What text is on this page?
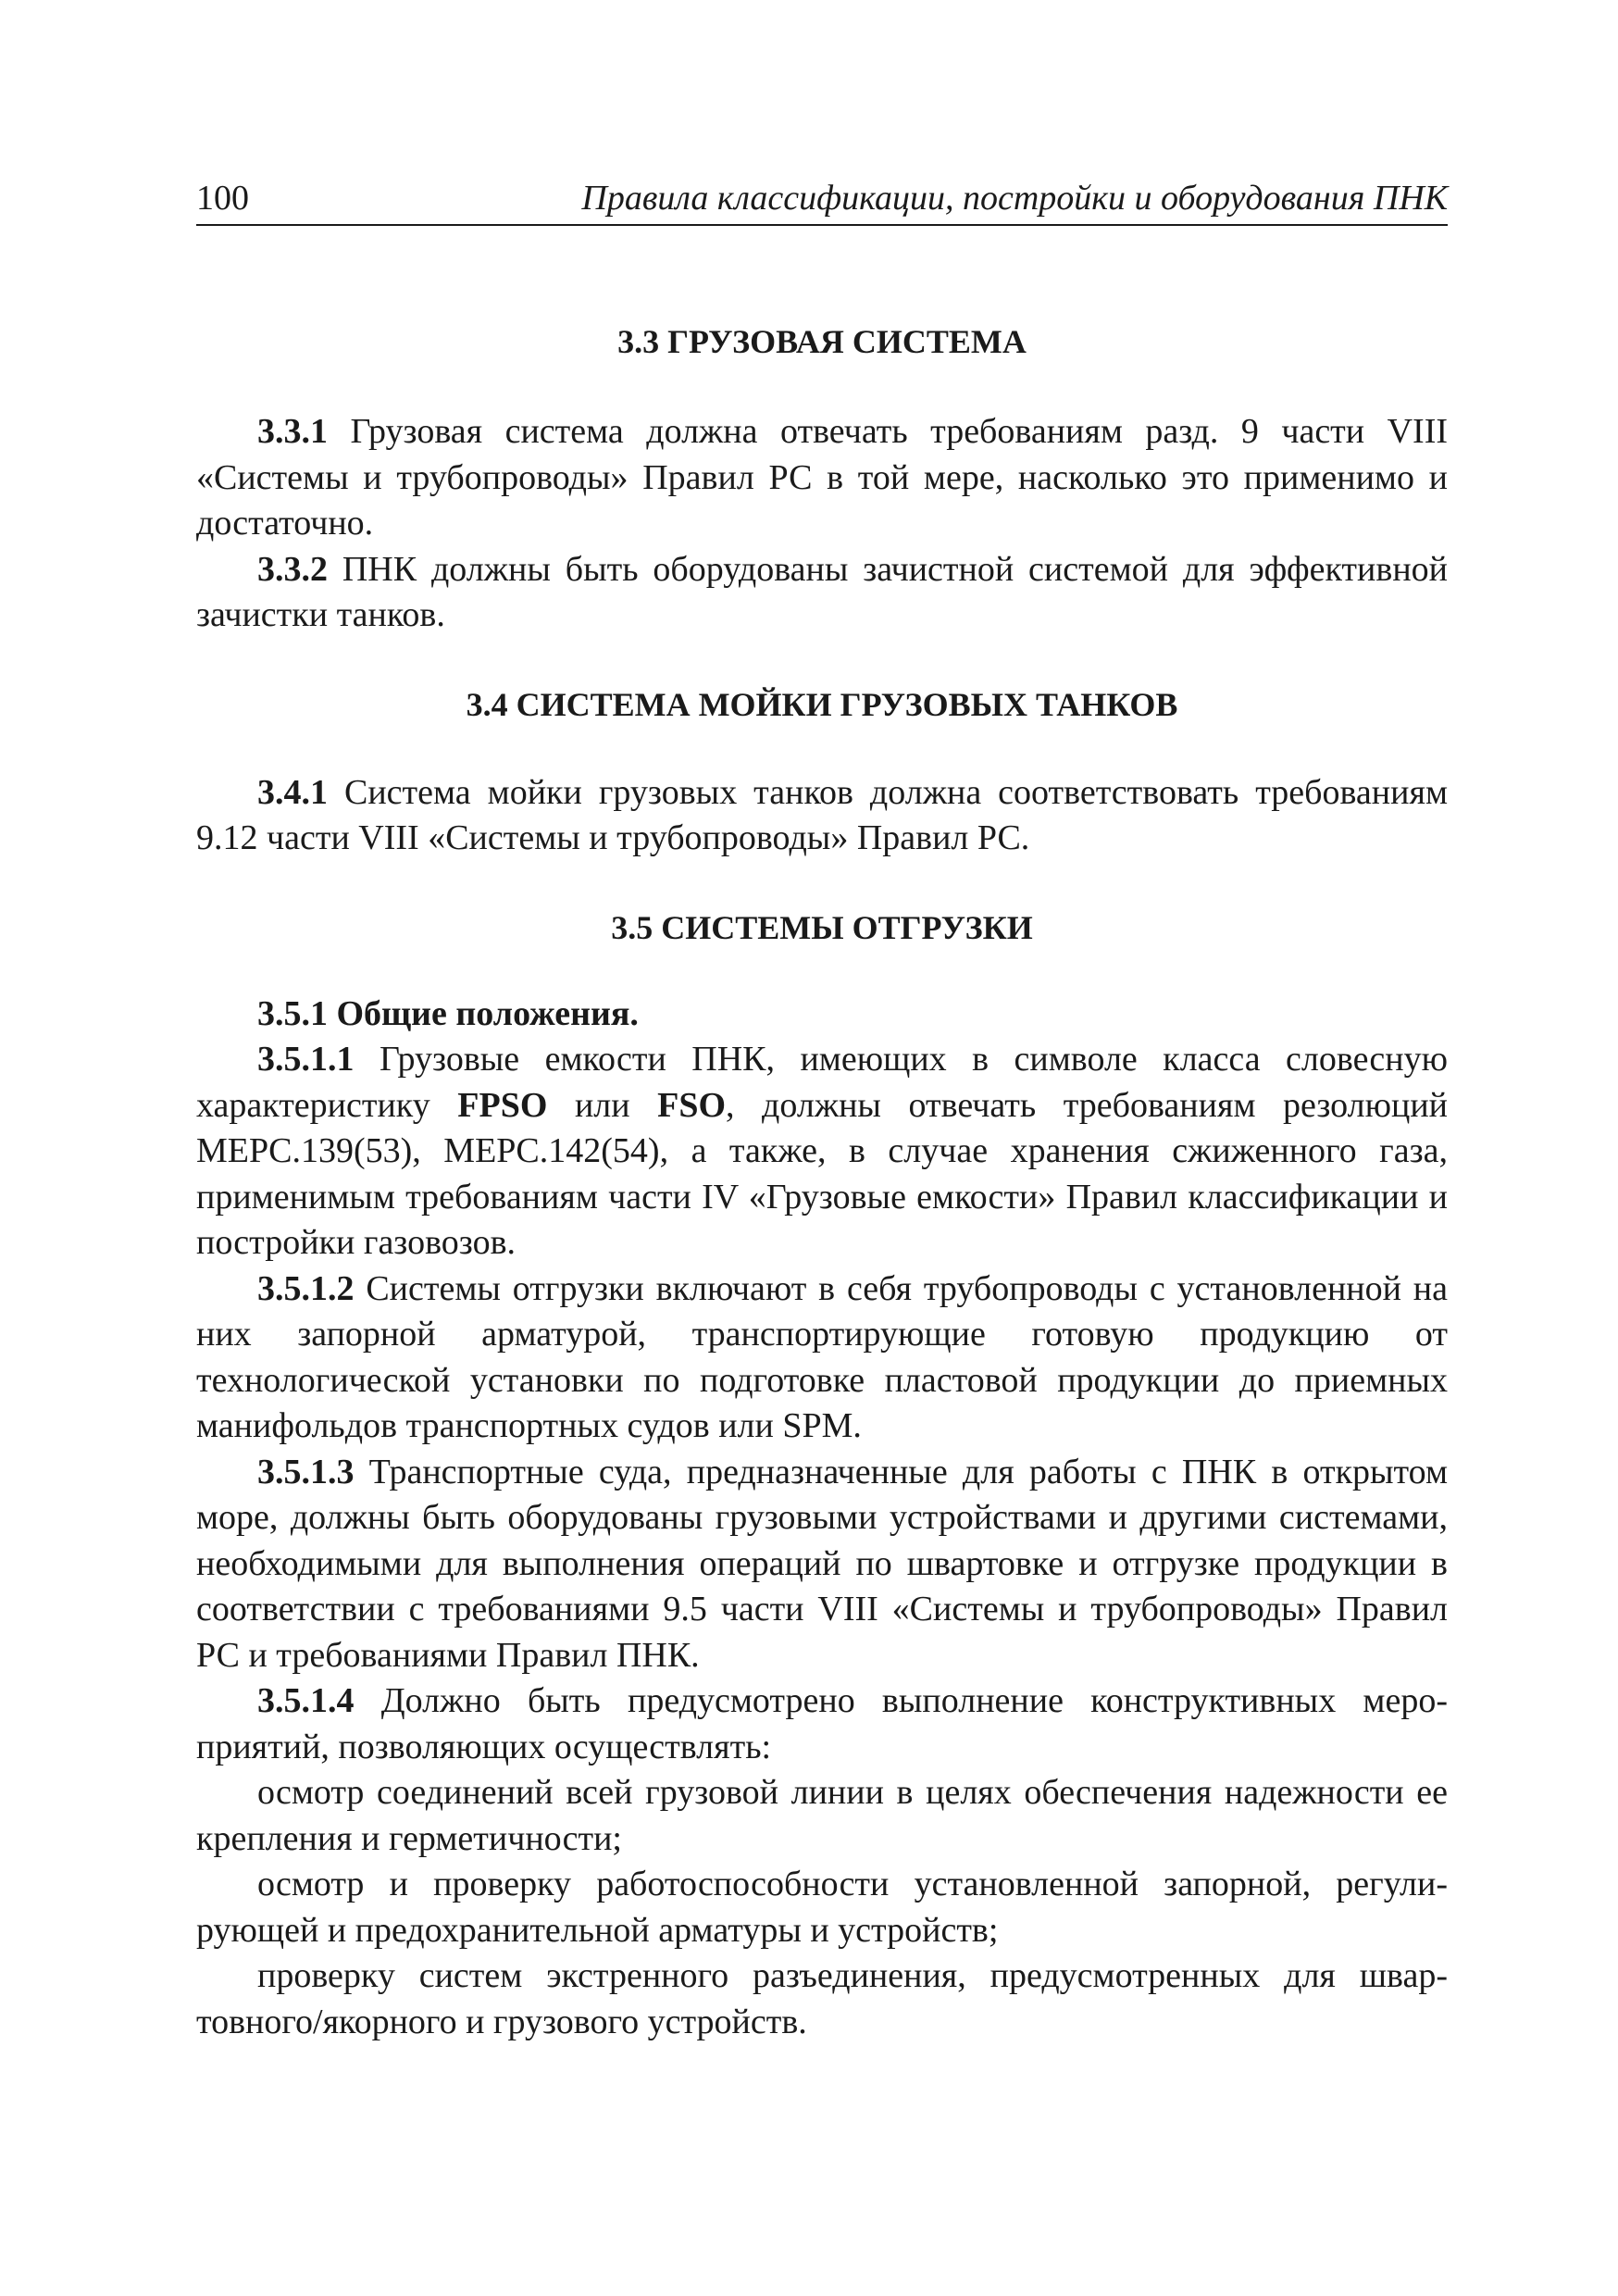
100	Правила классификации, постройки и оборудования ПНК
3.3 ГРУЗОВАЯ СИСТЕМА

3.3.1 Грузовая система должна отвечать требованиям разд. 9 части VIII «Системы и трубопроводы» Правил РС в той мере, насколько это применимо и достаточно.

3.3.2 ПНК должны быть оборудованы зачистной системой для эффективной зачистки танков.

3.4 СИСТЕМА МОЙКИ ГРУЗОВЫХ ТАНКОВ

3.4.1 Система мойки грузовых танков должна соответствовать требованиям 9.12 части VIII «Системы и трубопроводы» Правил РС.

3.5 СИСТЕМЫ ОТГРУЗКИ

3.5.1 Общие положения.

3.5.1.1 Грузовые емкости ПНК, имеющих в символе класса словесную характеристику FPSO или FSO, должны отвечать требованиям резолюций MEPC.139(53), MEPC.142(54), а также, в случае хранения сжиженного газа, применимым требованиям части IV «Грузовые емкости» Правил классификации и постройки газовозов.

3.5.1.2 Системы отгрузки включают в себя трубопроводы с установленной на них запорной арматурой, транспортирующие готовую продукцию от технологической установки по подготовке пластовой продукции до приемных манифольдов транспортных судов или SPM.

3.5.1.3 Транспортные суда, предназначенные для работы с ПНК в открытом море, должны быть оборудованы грузовыми устройствами и другими системами, необходимыми для выполнения операций по швартовке и отгрузке продукции в соответствии с требованиями 9.5 части VIII «Системы и трубопроводы» Правил РС и требованиями Правил ПНК.

3.5.1.4 Должно быть предусмотрено выполнение конструктивных мероприятий, позволяющих осуществлять:

осмотр соединений всей грузовой линии в целях обеспечения надежности ее крепления и герметичности;

осмотр и проверку работоспособности установленной запорной, регулирующей и предохранительной арматуры и устройств;

проверку систем экстренного разъединения, предусмотренных для швартовного/якорного и грузового устройств.
